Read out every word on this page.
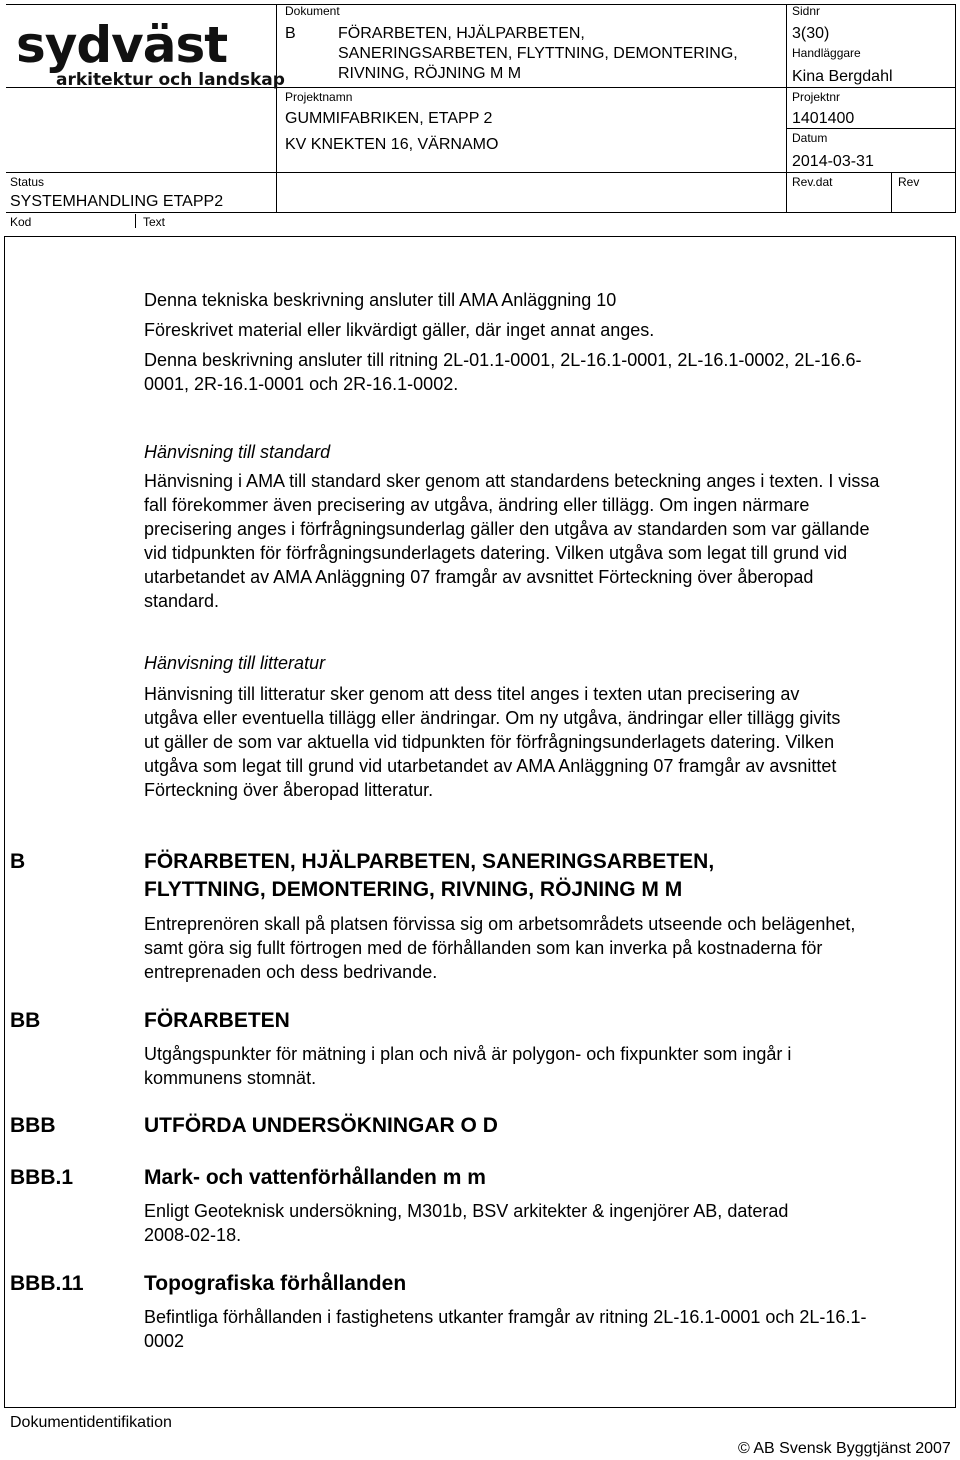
sydväst
arkitektur och landskap
Dokument
B	FÖRARBETEN, HJÄLPARBETEN,
SANERINGSARBETEN, FLYTTNING, DEMONTERING,
RIVNING, RÖJNING M M
Sidnr
3(30)
Handläggare
Kina Bergdahl
Projektnamn
GUMMIFABRIKEN, ETAPP 2
KV KNEKTEN 16, VÄRNAMO
Projektnr
1401400
Datum
2014-03-31
Status
SYSTEMHANDLING ETAPP2
Rev.dat	Rev
Kod	Text
Denna tekniska beskrivning ansluter till AMA Anläggning 10
Föreskrivet material eller likvärdigt gäller, där inget annat anges.
Denna beskrivning ansluter till ritning 2L-01.1-0001, 2L-16.1-0001, 2L-16.1-0002, 2L-16.6-0001, 2R-16.1-0001 och 2R-16.1-0002.
Hänvisning till standard
Hänvisning i AMA till standard sker genom att standardens beteckning anges i texten. I vissa fall förekommer även precisering av utgåva, ändring eller tillägg. Om ingen närmare precisering anges i förfrågningsunderlag gäller den utgåva av standarden som var gällande vid tidpunkten för förfrågningsunderlagets datering. Vilken utgåva som legat till grund vid utarbetandet av AMA Anläggning 07 framgår av avsnittet Förteckning över åberopad standard.
Hänvisning till litteratur
Hänvisning till litteratur sker genom att dess titel anges i texten utan precisering av utgåva eller eventuella tillägg eller ändringar. Om ny utgåva, ändringar eller tillägg givits ut gäller de som var aktuella vid tidpunkten för förfrågningsunderlagets datering. Vilken utgåva som legat till grund vid utarbetandet av AMA Anläggning 07 framgår av avsnittet Förteckning över åberopad litteratur.
B	FÖRARBETEN, HJÄLPARBETEN, SANERINGSARBETEN, FLYTTNING, DEMONTERING, RIVNING, RÖJNING M M
Entreprenören skall på platsen förvissa sig om arbetsområdets utseende och belägenhet, samt göra sig fullt förtrogen med de förhållanden som kan inverka på kostnaderna för entreprenaden och dess bedrivande.
BB	FÖRARBETEN
Utgångspunkter för mätning i plan och nivå är polygon- och fixpunkter som ingår i kommunens stomnät.
BBB	UTFÖRDA UNDERSÖKNINGAR O D
BBB.1	Mark- och vattenförhållanden m m
Enligt Geoteknisk undersökning, M301b, BSV arkitekter & ingenjörer AB, daterad 2008-02-18.
BBB.11	Topografiska förhållanden
Befintliga förhållanden i fastighetens utkanter framgår av ritning 2L-16.1-0001 och 2L-16.1-0002
Dokumentidentifikation
© AB Svensk Byggtjänst 2007
